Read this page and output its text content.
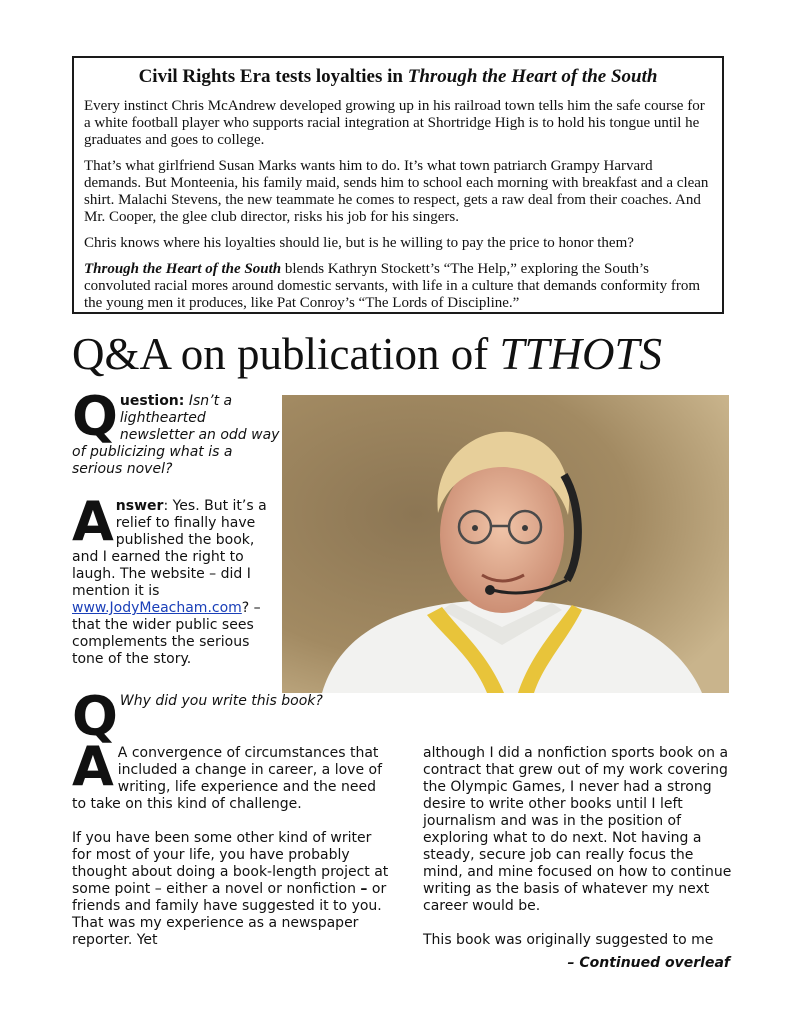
Civil Rights Era tests loyalties in Through the Heart of the South

Every instinct Chris McAndrew developed growing up in his railroad town tells him the safe course for a white football player who supports racial integration at Shortridge High is to hold his tongue until he graduates and goes to college.

That’s what girlfriend Susan Marks wants him to do. It’s what town patriarch Grampy Harvard demands. But Monteenia, his family maid, sends him to school each morning with breakfast and a clean shirt. Malachi Stevens, the new teammate he comes to respect, gets a raw deal from their coaches. And Mr. Cooper, the glee club director, risks his job for his singers.

Chris knows where his loyalties should lie, but is he willing to pay the price to honor them?

Through the Heart of the South blends Kathryn Stockett’s “The Help,” exploring the South’s convoluted racial mores around domestic servants, with life in a culture that demands conformity from the young men it produces, like Pat Conroy’s “The Lords of Discipline.”

Q&A on publication of TTHOTS
Question: Isn’t a lighthearted newsletter an odd way of publicizing what is a serious novel?
Answer: Yes. But it’s a relief to finally have published the book, and I earned the right to laugh. The website – did I mention it is www.JodyMeacham.com? – that the wider public sees complements the serious tone of the story.
Q Why did you write this book?

A A convergence of circumstances that included a change in career, a love of writing, life experience and the need to take on this kind of challenge.

If you have been some other kind of writer for most of your life, you have probably thought about doing a book-length project at some point – either a novel or nonfiction – or friends and family have suggested it to you. That was my experience as a newspaper reporter. Yet

although I did a nonfiction sports book on a contract that grew out of my work covering the Olympic Games, I never had a strong desire to write other books until I left journalism and was in the position of exploring what to do next. Not having a steady, secure job can really focus the mind, and mine focused on how to continue writing as the basis of whatever my next career would be.

This book was originally suggested to me

– Continued overleaf
